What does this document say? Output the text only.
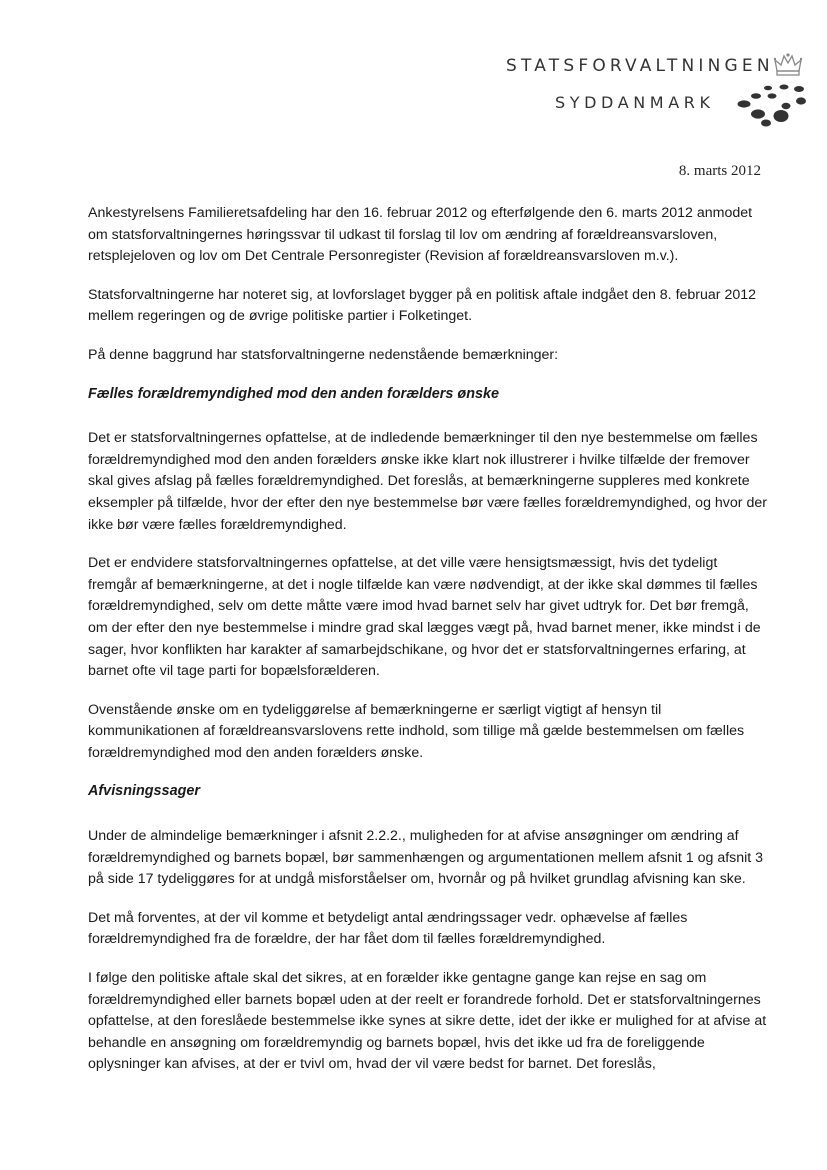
STATSFORVALTNINGEN
SYDDANMARK
8. marts 2012

Ankestyrelsens Familieretsafdeling har den 16. februar 2012 og efterfølgende den 6. marts 2012 anmodet om statsforvaltningernes høringssvar til udkast til forslag til lov om ændring af forældreansvarsloven, retsplejeloven og lov om Det Centrale Personregister (Revision af forældreansvarsloven m.v.).

Statsforvaltningerne har noteret sig, at lovforslaget bygger på en politisk aftale indgået den 8. februar 2012 mellem regeringen og de øvrige politiske partier i Folketinget.

På denne baggrund har statsforvaltningerne nedenstående bemærkninger:

Fælles forældremyndighed mod den anden forælders ønske

Det er statsforvaltningernes opfattelse, at de indledende bemærkninger til den nye bestemmelse om fælles forældremyndighed mod den anden forælders ønske ikke klart nok illustrerer i hvilke tilfælde der fremover skal gives afslag på fælles forældremyndighed. Det foreslås, at bemærkningerne suppleres med konkrete eksempler på tilfælde, hvor der efter den nye bestemmelse bør være fælles forældremyndighed, og hvor der ikke bør være fælles forældremyndighed.

Det er endvidere statsforvaltningernes opfattelse, at det ville være hensigtsmæssigt, hvis det tydeligt fremgår af bemærkningerne, at det i nogle tilfælde kan være nødvendigt, at der ikke skal dømmes til fælles forældremyndighed, selv om dette måtte være imod hvad barnet selv har givet udtryk for. Det bør fremgå, om der efter den nye bestemmelse i mindre grad skal lægges vægt på, hvad barnet mener, ikke mindst i de sager, hvor konflikten har karakter af samarbejdschikane, og hvor det er statsforvaltningernes erfaring, at barnet ofte vil tage parti for bopælsforælderen.

Ovenstående ønske om en tydeliggørelse af bemærkningerne er særligt vigtigt af hensyn til kommunikationen af forældreansvarslovens rette indhold, som tillige må gælde bestemmelsen om fælles forældremyndighed mod den anden forælders ønske.

Afvisningssager

Under de almindelige bemærkninger i afsnit 2.2.2., muligheden for at afvise ansøgninger om ændring af forældremyndighed og barnets bopæl, bør sammenhængen og argumentationen mellem afsnit 1 og afsnit 3 på side 17 tydeliggøres for at undgå misforståelser om, hvornår og på hvilket grundlag afvisning kan ske.

Det må forventes, at der vil komme et betydeligt antal ændringssager vedr. ophævelse af fælles forældremyndighed fra de forældre, der har fået dom til fælles forældremyndighed.

I følge den politiske aftale skal det sikres, at en forælder ikke gentagne gange kan rejse en sag om forældremyndighed eller barnets bopæl uden at der reelt er forandrede forhold. Det er statsforvaltningernes opfattelse, at den foreslåede bestemmelse ikke synes at sikre dette, idet der ikke er mulighed for at afvise at behandle en ansøgning om forældremyndig og barnets bopæl, hvis det ikke ud fra de foreliggende oplysninger kan afvises, at der er tvivl om, hvad der vil være bedst for barnet. Det foreslås,
